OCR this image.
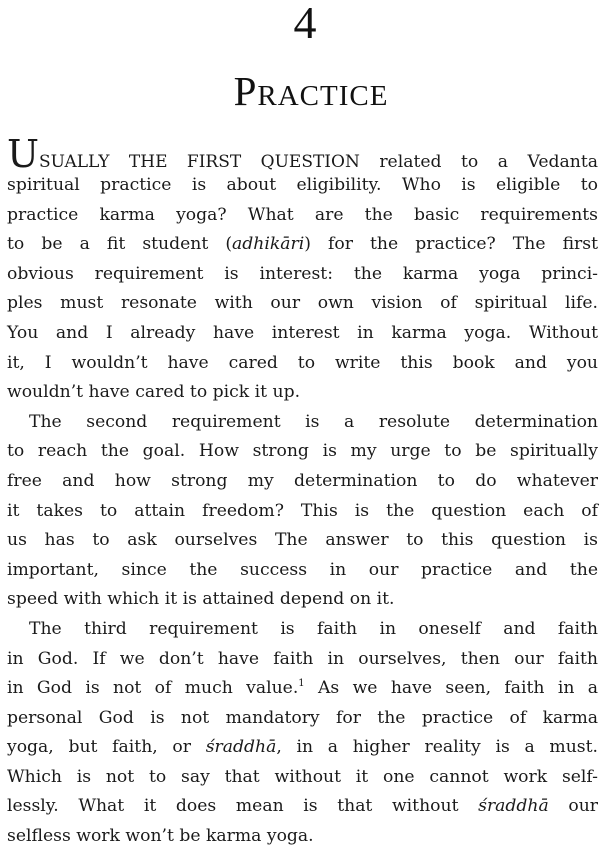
4
Practice
USUALLY THE FIRST QUESTION related to a Vedanta
spiritual practice is about eligibility. Who is eligible to
practice karma yoga? What are the basic requirements
to be a fit student (adhikāri) for the practice? The first
obvious requirement is interest: the karma yoga princi-
ples must resonate with our own vision of spiritual life.
You and I already have interest in karma yoga. Without
it, I wouldn’t have cared to write this book and you
wouldn’t have cared to pick it up.
The second requirement is a resolute determination
to reach the goal. How strong is my urge to be spiritually
free and how strong my determination to do whatever
it takes to attain freedom? This is the question each of
us has to ask ourselves The answer to this question is
important, since the success in our practice and the
speed with which it is attained depend on it.
The third requirement is faith in oneself and faith
in God. If we don’t have faith in ourselves, then our faith
in God is not of much value.$^1$ As we have seen, faith in a
personal God is not mandatory for the practice of karma
yoga, but faith, or śraddhā, in a higher reality is a must.
Which is not to say that without it one cannot work self-
lessly. What it does mean is that without śraddhā our
selfless work won’t be karma yoga.
